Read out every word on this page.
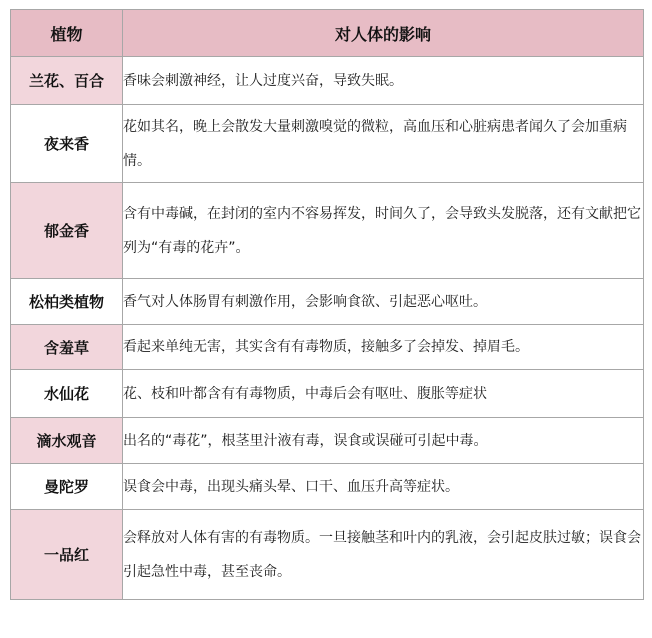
植物	对人体的影响
兰花、百合	香味会刺激神经，让人过度兴奋，导致失眠。
夜来香	花如其名，晚上会散发大量刺激嗅觉的微粒，高血压和心脏病患者闻久了会加重病情。
郁金香	含有中毒碱，在封闭的室内不容易挥发，时间久了，会导致头发脱落，还有文献把它列为“有毒的花卉”。
松柏类植物	香气对人体肠胃有刺激作用，会影响食欲、引起恶心呕吐。
含羞草	看起来单纯无害，其实含有有毒物质，接触多了会掉发、掉眉毛。
水仙花	花、枝和叶都含有有毒物质，中毒后会有呕吐、腹胀等症状
滴水观音	出名的“毒花”，根茎里汁液有毒，误食或误碰可引起中毒。
曼陀罗	误食会中毒，出现头痛头晕、口干、血压升高等症状。
一品红	会释放对人体有害的有毒物质。一旦接触茎和叶内的乳液，会引起皮肤过敏；误食会引起急性中毒，甚至丧命。
